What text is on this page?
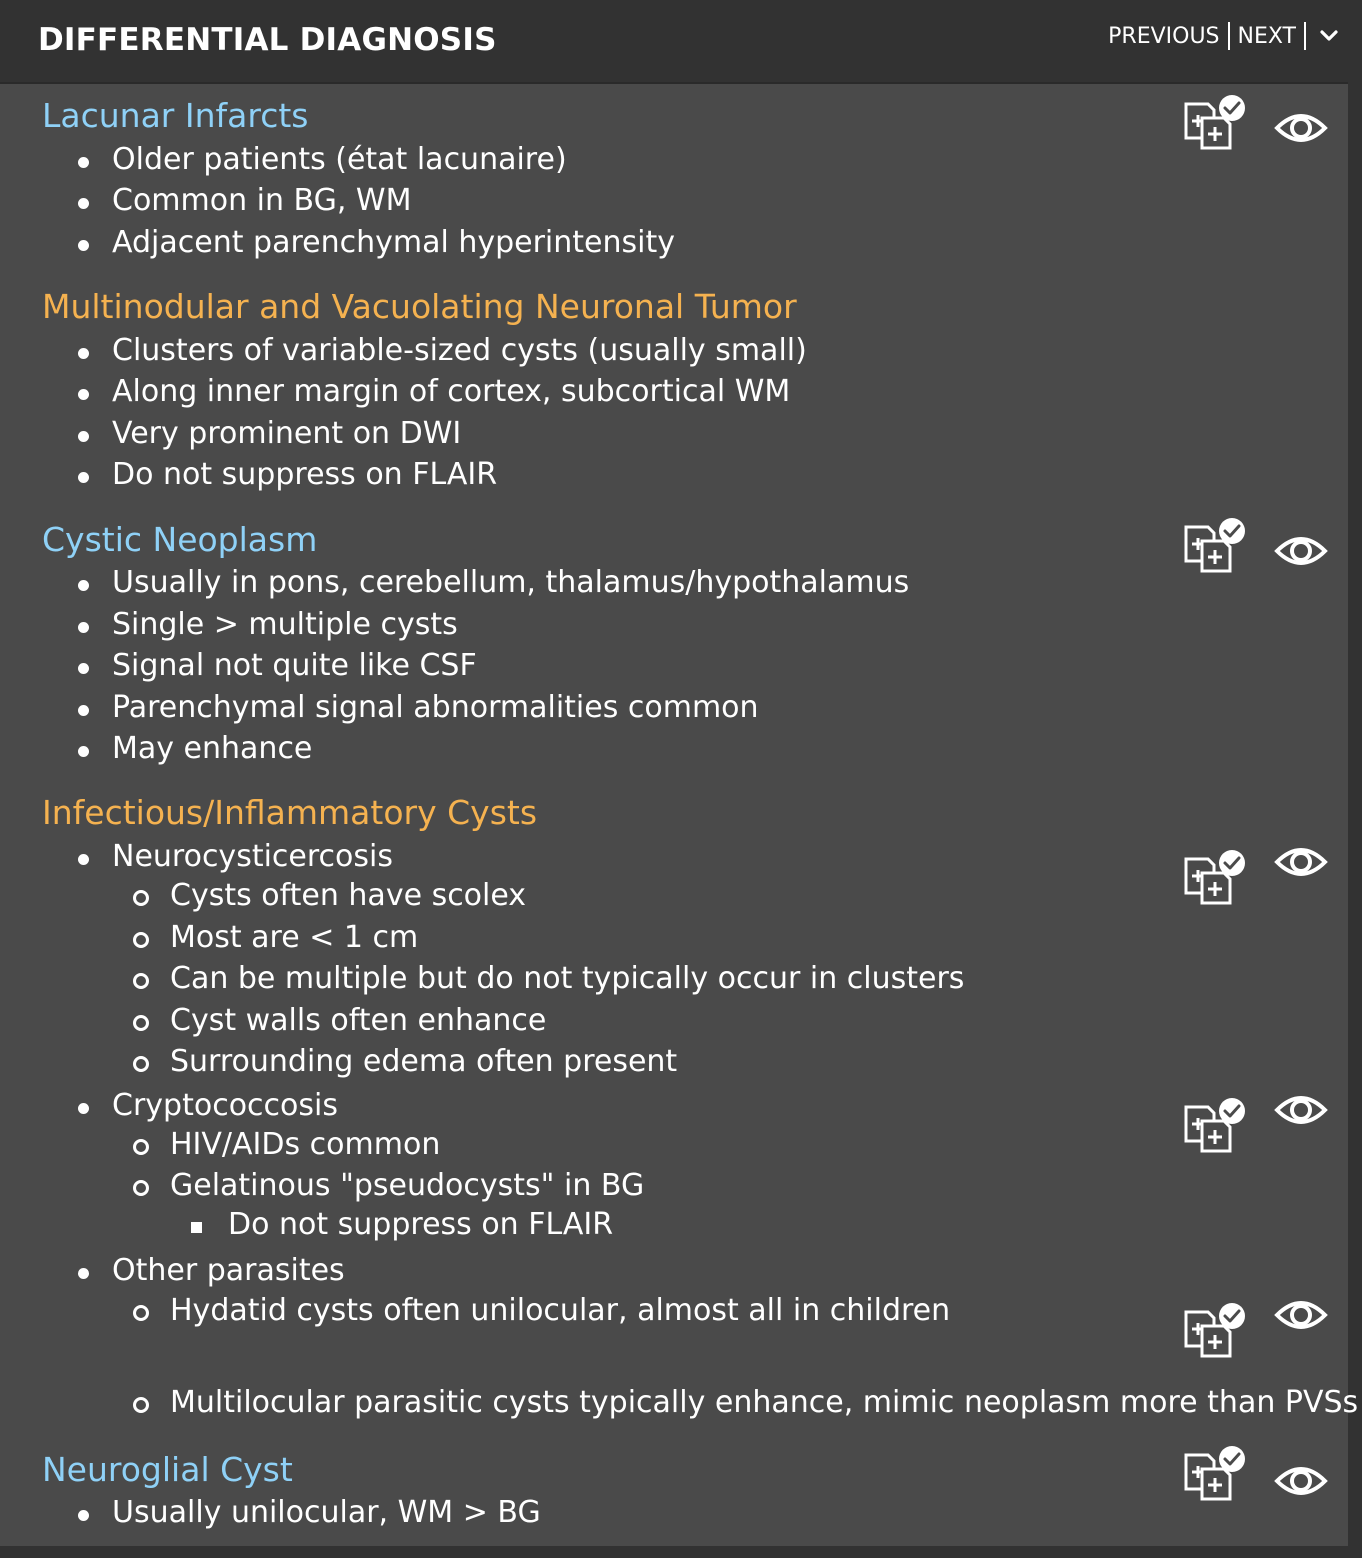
DIFFERENTIAL DIAGNOSIS	PREVIOUS NEXT
Lacunar Infarcts
Older patients (état lacunaire)
Common in BG, WM
Adjacent parenchymal hyperintensity
Multinodular and Vacuolating Neuronal Tumor
Clusters of variable-sized cysts (usually small)
Along inner margin of cortex, subcortical WM
Very prominent on DWI
Do not suppress on FLAIR
Cystic Neoplasm
Usually in pons, cerebellum, thalamus/hypothalamus
Single > multiple cysts
Signal not quite like CSF
Parenchymal signal abnormalities common
May enhance
Infectious/Inflammatory Cysts
Neurocysticercosis
Cysts often have scolex
Most are < 1 cm
Can be multiple but do not typically occur in clusters
Cyst walls often enhance
Surrounding edema often present
Cryptococcosis
HIV/AIDs common
Gelatinous "pseudocysts" in BG
Do not suppress on FLAIR
Other parasites
Hydatid cysts often unilocular, almost all in children
Multilocular parasitic cysts typically enhance, mimic neoplasm more than PVSs
Neuroglial Cyst
Usually unilocular, WM > BG
